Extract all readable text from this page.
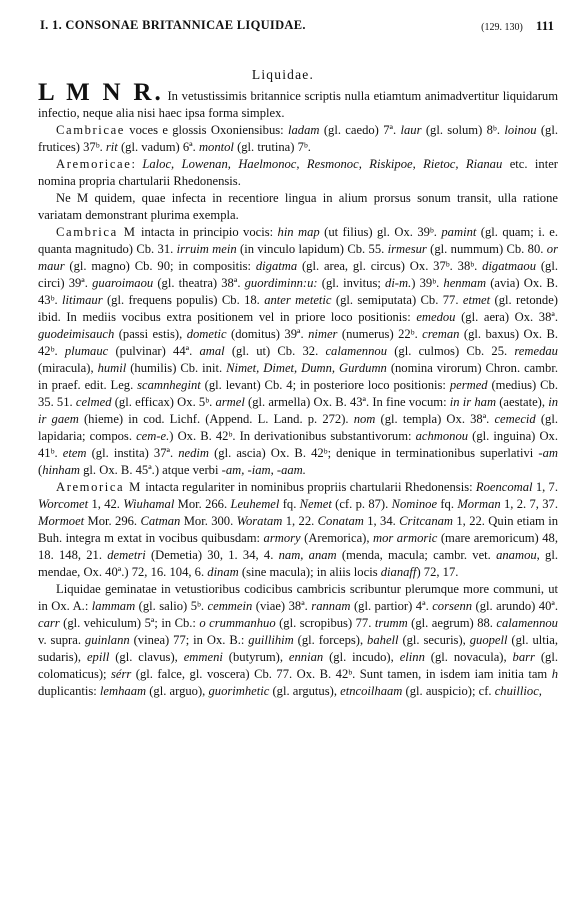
I. 1. CONSONAE BRITANNICAE LIQUIDAE.	(129. 130) 111
Liquidae.

L M N R. In vetustissimis britannice scriptis nulla etiamtum animadvertitur liquidarum infectio, neque alia nisi haec ipsa forma simplex.

Cambricae voces e glossis Oxoniensibus: ladam (gl. caedo) 7ª. laur (gl. solum) 8ᵇ. loinou (gl. frutices) 37ᵇ. rit (gl. vadum) 6ª. montol (gl. trutina) 7ᵇ.

Aremoricae: Laloc, Lowenan, Haelmonoc, Resmonoc, Riskipoe, Rietoc, Rianau etc. inter nomina propria chartularii Rhedonensis.

Ne M quidem, quae infecta in recentiore lingua in alium prorsus sonum transit, ulla ratione variatam demonstrant plurima exempla.

Cambrica M intacta in principio vocis: hin map (ut filius) gl. Ox. 39ᵇ. pamint (gl. quam; i. e. quanta magnitudo) Cb. 31. irruim mein (in vinculo lapidum) Cb. 55. irmesur (gl. nummum) Cb. 80. or maur (gl. magno) Cb. 90; in compositis: digatma (gl. area, gl. circus) Ox. 37ᵇ. 38ᵇ. digatmaou (gl. circi) 39ª. guaroimaou (gl. theatra) 38ª. guordiminn:u: (gl. invitus; di-m.) 39ᵇ. henmam (avia) Ox. B. 43ᵇ. litimaur (gl. frequens populis) Cb. 18. anter metetic (gl. semiputata) Cb. 77. etmet (gl. retonde) ibid. In mediis vocibus extra positionem vel in priore loco positionis: emedou (gl. aera) Ox. 38ª. guodeimisauch (passi estis), dometic (domitus) 39ª. nimer (numerus) 22ᵇ. creman (gl. baxus) Ox. B. 42ᵇ. plumauc (pulvinar) 44ª. amal (gl. ut) Cb. 32. calamennou (gl. culmos) Cb. 25. remedau (miracula), humil (humilis) Cb. init. Nimet, Dimet, Dumn, Gurdumn (nomina virorum) Chron. cambr. in praef. edit. Leg. scamnhegint (gl. levant) Cb. 4; in posteriore loco positionis: permed (medius) Cb. 35. 51. celmed (gl. efficax) Ox. 5ᵇ. armel (gl. armella) Ox. B. 43ª. In fine vocum: in ir ham (aestate), in ir gaem (hieme) in cod. Lichf. (Append. L. Land. p. 272). nom (gl. templa) Ox. 38ª. cemecid (gl. lapidaria; compos. cem-e.) Ox. B. 42ᵇ. In derivationibus substantivorum: achmonou (gl. inguina) Ox. 41ᵇ. etem (gl. instita) 37ª. nedim (gl. ascia) Ox. B. 42ᵇ; denique in terminationibus superlativi -am (hinham gl. Ox. B. 45ª.) atque verbi -am, -iam, -aam.

Aremorica M intacta regulariter in nominibus propriis chartularii Rhedonensis: Roencomal 1, 7. Worcomet 1, 42. Wiuhamal Mor. 266. Leuhemel fq. Nemet (cf. p. 87). Nominoe fq. Morman 1, 2. 7, 37. Mormoet Mor. 296. Catman Mor. 300. Woratam 1, 22. Conatam 1, 34. Critcanam 1, 22. Quin etiam in Buh. integra m extat in vocibus quibusdam: armory (Aremorica), mor armoric (mare aremoricum) 48, 18. 148, 21. demetri (Demetia) 30, 1. 34, 4. nam, anam (menda, macula; cambr. vet. anamou, gl. mendae, Ox. 40ª.) 72, 16. 104, 6. dinam (sine macula); in aliis locis dianaff) 72, 17.

Liquidae geminatae in vetustioribus codicibus cambricis scribuntur plerumque more communi, ut in Ox. A.: lammam (gl. salio) 5ᵇ. cemmein (viae) 38ª. rannam (gl. partior) 4ª. corsenn (gl. arundo) 40ª. carr (gl. vehiculum) 5ª; in Cb.: o crummanhuo (gl. scropibus) 77. trumm (gl. aegrum) 88. calamennou v. supra. guinlann (vinea) 77; in Ox. B.: guillihim (gl. forceps), bahell (gl. securis), guopell (gl. ultia, sudaris), epill (gl. clavus), emmeni (butyrum), ennian (gl. incudo), elinn (gl. novacula), barr (gl. colomaticus); sérr (gl. falce, gl. voscera) Cb. 77. Ox. B. 42ᵇ. Sunt tamen, in isdem iam initia tam h duplicantis: lemhaam (gl. arguo), guorimhetic (gl. argutus), etncoilhaam (gl. auspicio); cf. chuillioc,
